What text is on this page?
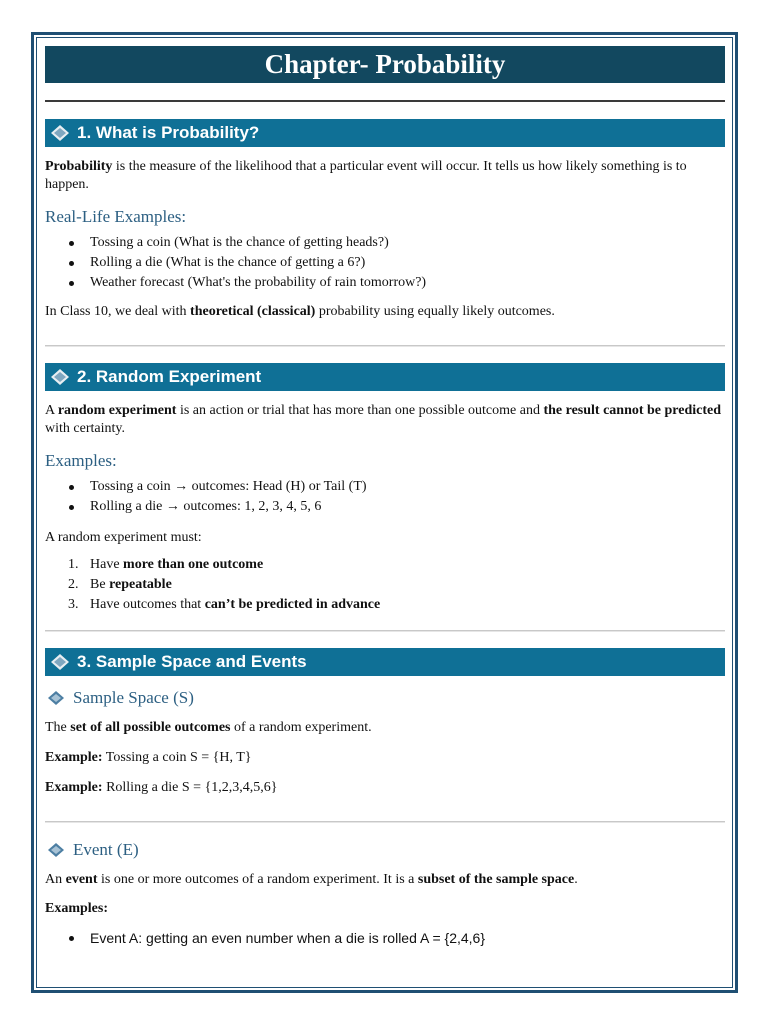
Chapter- Probability
1. What is Probability?

Probability is the measure of the likelihood that a particular event will occur. It tells us how likely something is to happen.

Real-Life Examples:
Tossing a coin (What is the chance of getting heads?)
Rolling a die (What is the chance of getting a 6?)
Weather forecast (What's the probability of rain tomorrow?)

In Class 10, we deal with theoretical (classical) probability using equally likely outcomes.

2. Random Experiment

A random experiment is an action or trial that has more than one possible outcome and the result cannot be predicted with certainty.

Examples:
Tossing a coin → outcomes: Head (H) or Tail (T)
Rolling a die → outcomes: 1, 2, 3, 4, 5, 6

A random experiment must:

1. Have more than one outcome
2. Be repeatable
3. Have outcomes that can’t be predicted in advance
3. Sample Space and Events
Sample Space (S)

The set of all possible outcomes of a random experiment.

Example: Tossing a coin S = {H, T}

Example: Rolling a die S = {1,2,3,4,5,6}

Event (E)

An event is one or more outcomes of a random experiment. It is a subset of the sample space.

Examples:

Event A: getting an even number when a die is rolled A = {2,4,6}
